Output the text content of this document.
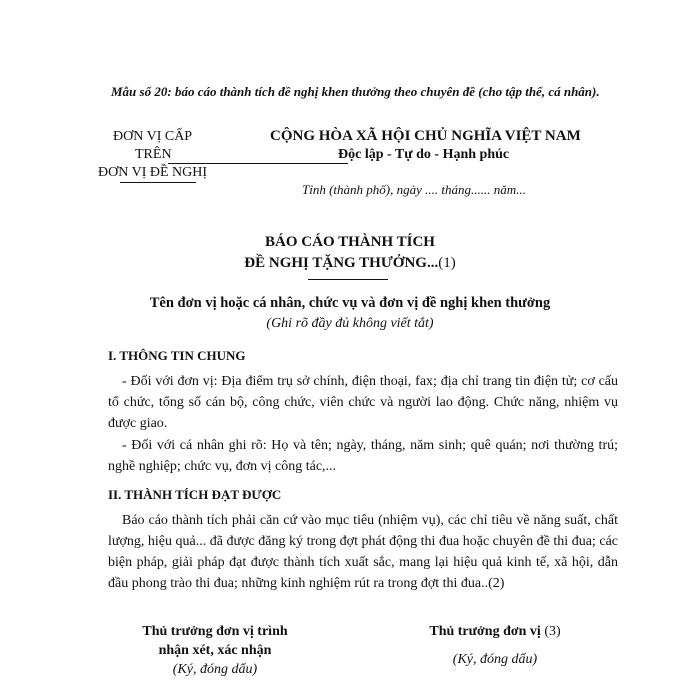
Mẫu số 20: báo cáo thành tích đề nghị khen thưởng theo chuyên đề (cho tập thể, cá nhân).
ĐƠN VỊ CẤP
TRÊN
ĐƠN VỊ ĐỀ NGHỊ
CỘNG HÒA XÃ HỘI CHỦ NGHĨA VIỆT NAM
Độc lập - Tự do - Hạnh phúc
Tỉnh (thành phố), ngày .... tháng...... năm...
BÁO CÁO THÀNH TÍCH
ĐỀ NGHỊ TẶNG THƯỞNG...(1)
Tên đơn vị hoặc cá nhân, chức vụ và đơn vị đề nghị khen thưởng
(Ghi rõ đầy đủ không viết tắt)
I. THÔNG TIN CHUNG
- Đối với đơn vị: Địa điểm trụ sở chính, điện thoại, fax; địa chỉ trang tin điện tử; cơ cấu tổ chức, tổng số cán bộ, công chức, viên chức và người lao động. Chức năng, nhiệm vụ được giao.
- Đối với cá nhân ghi rõ: Họ và tên; ngày, tháng, năm sinh; quê quán; nơi thường trú; nghề nghiệp; chức vụ, đơn vị công tác,...
II. THÀNH TÍCH ĐẠT ĐƯỢC
Báo cáo thành tích phải căn cứ vào mục tiêu (nhiệm vụ), các chỉ tiêu về năng suất, chất lượng, hiệu quả... đã được đăng ký trong đợt phát động thi đua hoặc chuyên đề thi đua; các biện pháp, giải pháp đạt được thành tích xuất sắc, mang lại hiệu quả kinh tế, xã hội, dẫn đầu phong trào thi đua; những kinh nghiệm rút ra trong đợt thi đua..(2)
Thủ trưởng đơn vị trình
nhận xét, xác nhận
(Ký, đóng dấu)
Thủ trưởng đơn vị (3)
(Ký, đóng dấu)
